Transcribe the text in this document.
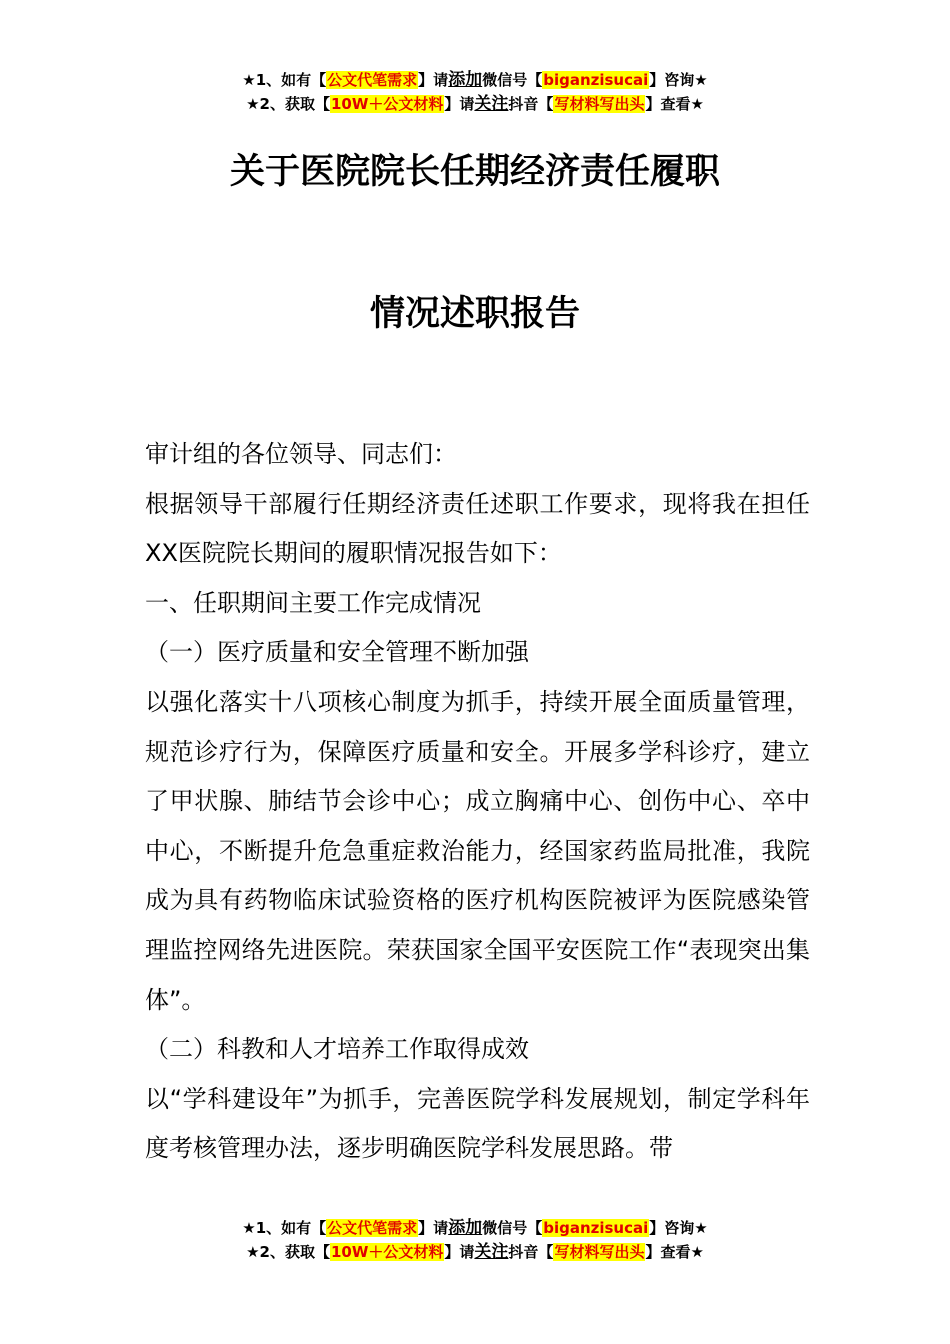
★1、如有【公文代笔需求】请添加微信号【biganzisucai】咨询★
★2、获取【10W＋公文材料】请关注抖音【写材料写出头】查看★
关于医院院长任期经济责任履职
情况述职报告

审计组的各位领导、同志们：

根据领导干部履行任期经济责任述职工作要求，现将我在担任XX医院院长期间的履职情况报告如下：

一、任职期间主要工作完成情况

（一）医疗质量和安全管理不断加强

以强化落实十八项核心制度为抓手，持续开展全面质量管理，规范诊疗行为，保障医疗质量和安全。开展多学科诊疗，建立了甲状腺、肺结节会诊中心；成立胸痛中心、创伤中心、卒中中心，不断提升危急重症救治能力，经国家药监局批准，我院成为具有药物临床试验资格的医疗机构医院被评为医院感染管理监控网络先进医院。荣获国家全国平安医院工作“表现突出集体”。

（二）科教和人才培养工作取得成效

以“学科建设年”为抓手，完善医院学科发展规划，制定学科年度考核管理办法，逐步明确医院学科发展思路。带

★1、如有【公文代笔需求】请添加微信号【biganzisucai】咨询★
★2、获取【10W＋公文材料】请关注抖音【写材料写出头】查看★
